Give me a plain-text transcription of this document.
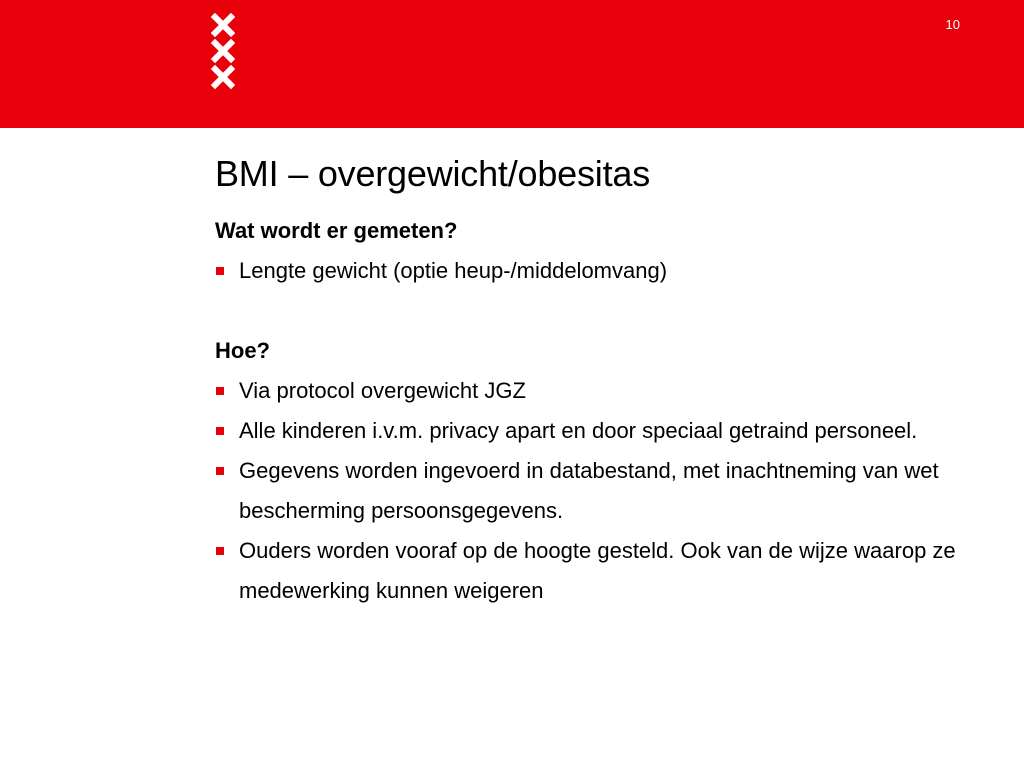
10
BMI – overgewicht/obesitas

Wat wordt er gemeten?

Lengte gewicht (optie heup-/middelomvang)

Hoe?

Via protocol overgewicht JGZ
Alle kinderen i.v.m. privacy apart en door speciaal getraind personeel.
Gegevens worden ingevoerd in databestand, met inachtneming van wet bescherming persoonsgegevens.
Ouders worden vooraf op de hoogte gesteld. Ook van de wijze waarop ze medewerking kunnen weigeren
